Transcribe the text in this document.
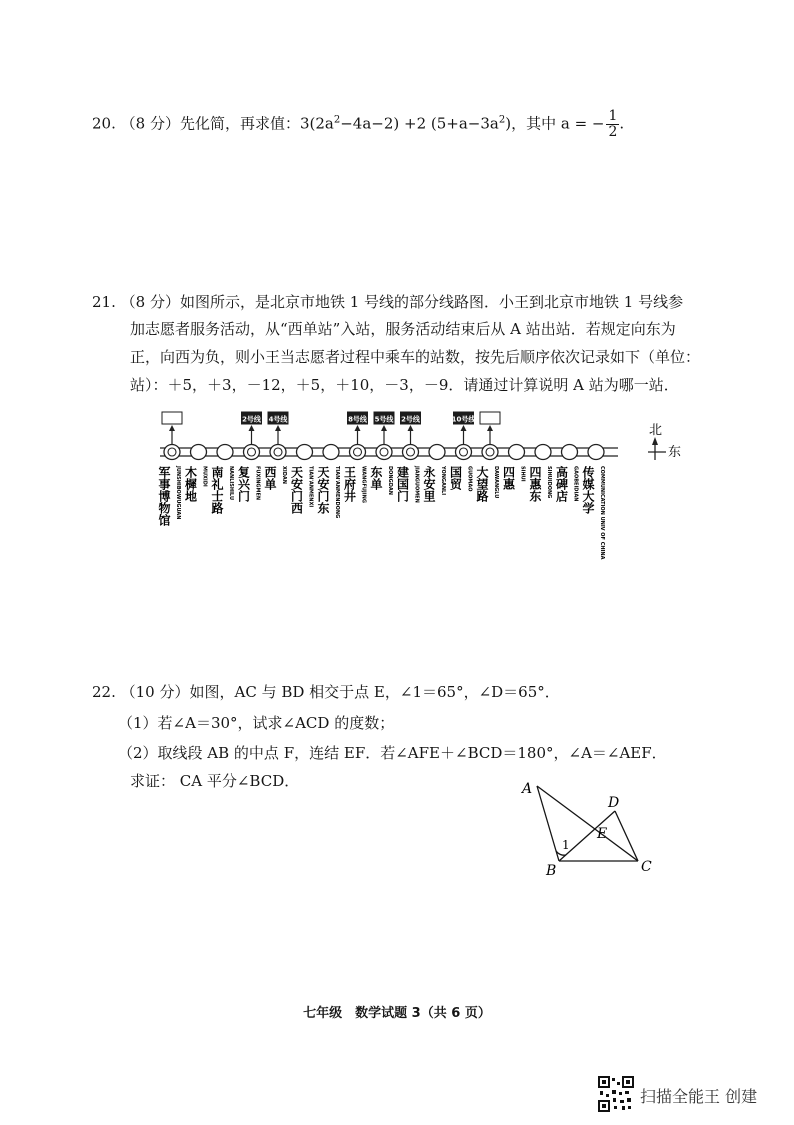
20. （8 分）先化简，再求值：$3(2a^2-4a-2) +2$ $(5+a-3a^2)$，其中 a = − $\frac{1}{2}$ .
21. （8 分）如图所示，是北京市地铁 1 号线的部分线路图．小王到北京市地铁 1 号线参
加志愿者服务活动，从“西单站”入站，服务活动结束后从 A 站出站．若规定向东为
正，向西为负，则小王当志愿者过程中乘车的站数，按先后顺序依次记录如下（单位：
站）：＋5，＋3，－12，＋5，＋10，－3，－9．请通过计算说明 A 站为哪一站．
2号线 4号线	8号线 5号线 2号线	10号线
军事博物馆 JUNSHIBOWUGUAN 木樨地 MUXIDI 南礼士路 NANLISHILU 复兴门 FUXINGMEN 西单 XIDAN 天安门西 TIAN'ANMENXI 天安门东 TIAN'ANMENDONG 王府井 WANGFUJING 东单 DONGDAN 建国门 JIANGUOMEN 永安里 YONGANLI 国贸 GUOMAO 大望路 DAWANGLU 四惠 SIHUI 四惠东 SIHUIDONG 高碑店 GAOBEIDIAN 传媒大学 COMMUNICATION UNIV OF CHINA
北
东
22. （10 分）如图，AC 与 BD 相交于点 E，∠1＝65°，∠D＝65°．
（1）若∠A＝30°，试求∠ACD 的度数；
（2）取线段 AB 的中点 F，连结 EF．若∠AFE＋∠BCD＝180°，∠A＝∠AEF．
求证： CA 平分∠BCD．	A
B	C
D
E
1
七年级　数学试题 3（共 6 页）
扫描全能王 创建
